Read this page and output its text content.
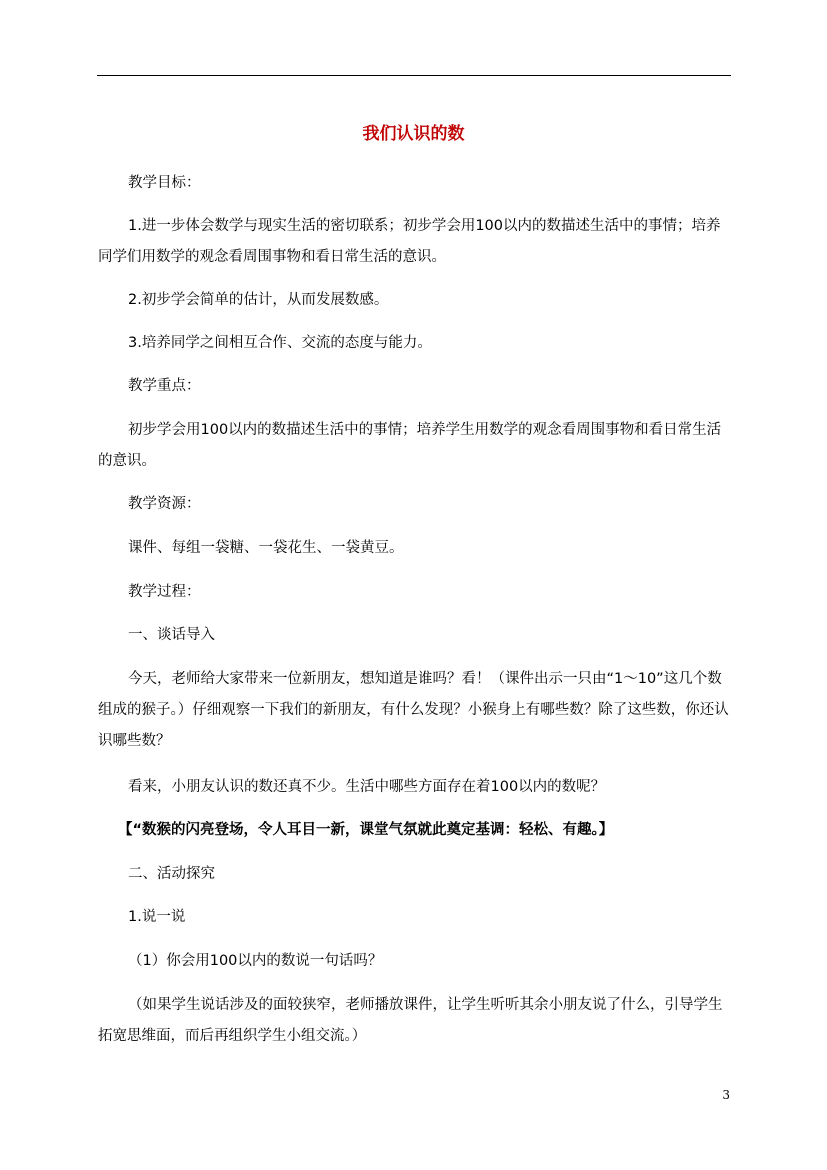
我们认识的数

教学目标：

1.进一步体会数学与现实生活的密切联系；初步学会用100以内的数描述生活中的事情；培养同学们用数学的观念看周围事物和看日常生活的意识。

2.初步学会简单的估计，从而发展数感。

3.培养同学之间相互合作、交流的态度与能力。

教学重点：

初步学会用100以内的数描述生活中的事情；培养学生用数学的观念看周围事物和看日常生活的意识。

教学资源：

课件、每组一袋糖、一袋花生、一袋黄豆。

教学过程：

一、谈话导入

今天，老师给大家带来一位新朋友，想知道是谁吗？看！（课件出示一只由“1～10”这几个数组成的猴子。）仔细观察一下我们的新朋友，有什么发现？小猴身上有哪些数？除了这些数，你还认识哪些数？

看来，小朋友认识的数还真不少。生活中哪些方面存在着100以内的数呢？

【“数猴的闪亮登场，令人耳目一新，课堂气氛就此奠定基调：轻松、有趣。】

二、活动探究

1.说一说

（1）你会用100以内的数说一句话吗？

（如果学生说话涉及的面较狭窄，老师播放课件，让学生听听其余小朋友说了什么，引导学生拓宽思维面，而后再组织学生小组交流。）

3
